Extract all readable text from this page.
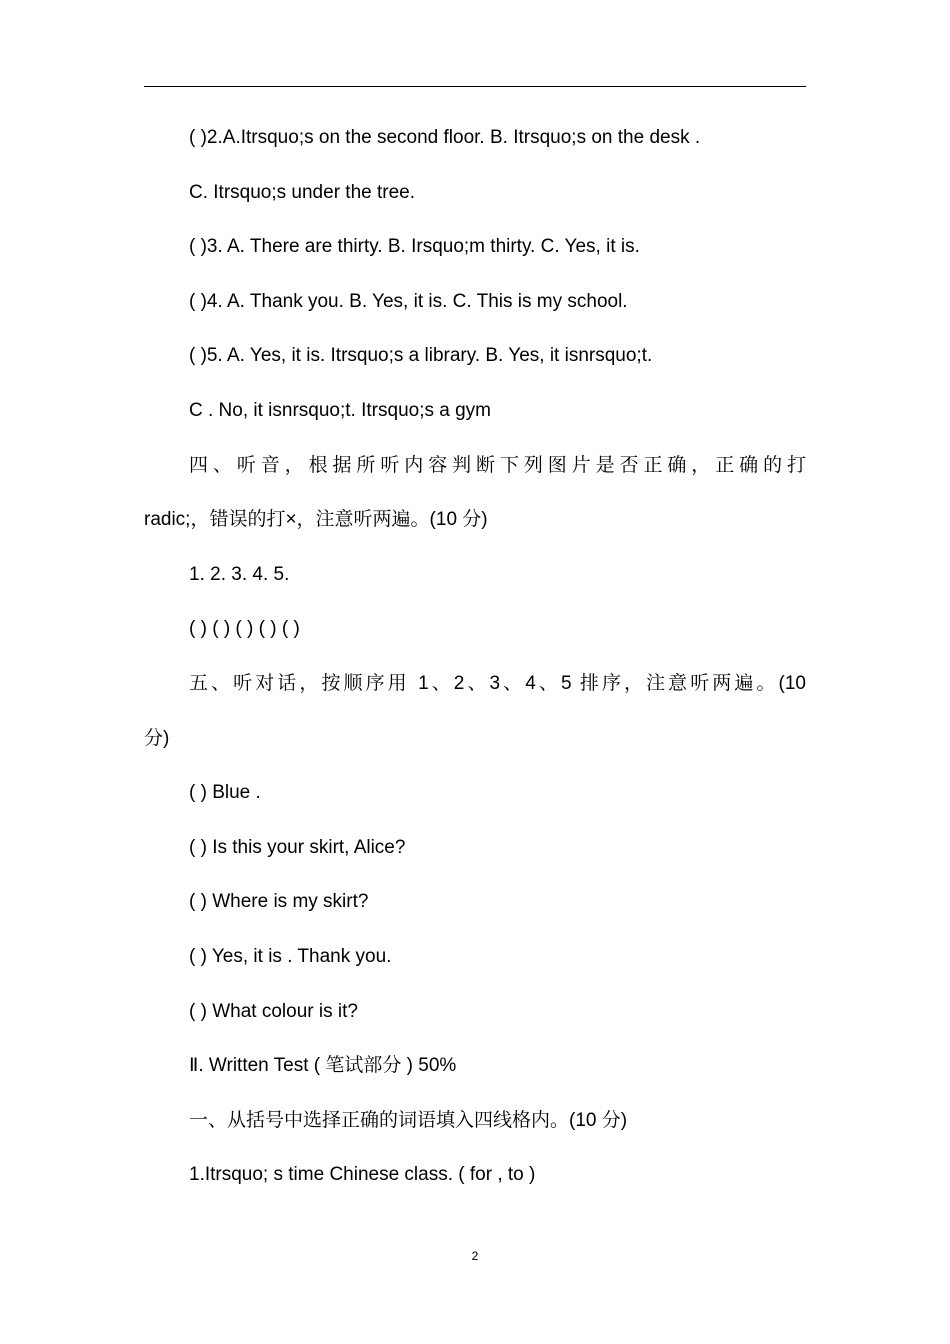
( )2.A.Itrsquo;s on the second floor. B. Itrsquo;s on the desk .
C. Itrsquo;s under the tree.
( )3. A. There are thirty. B. Irsquo;m thirty. C. Yes, it is.
( )4. A. Thank you. B. Yes, it is. C. This is my school.
( )5. A. Yes, it is. Itrsquo;s a library. B. Yes, it isnrsquo;t.
C . No, it isnrsquo;t. Itrsquo;s a gym
四、听音，根据所听内容判断下列图片是否正确，正确的打
radic;，错误的打×，注意听两遍。(10 分)
1. 2. 3. 4. 5.
( ) ( ) ( ) ( ) ( )
五、听对话，按顺序用 1、2、3、4、5 排序，注意听两遍。(10
分)
( ) Blue .
( ) Is this your skirt, Alice?
( ) Where is my skirt?
( ) Yes, it is . Thank you.
( ) What colour is it?
Ⅱ. Written Test ( 笔试部分 ) 50%
一、从括号中选择正确的词语填入四线格内。(10 分)
1.Itrsquo; s time Chinese class. ( for , to )
2
